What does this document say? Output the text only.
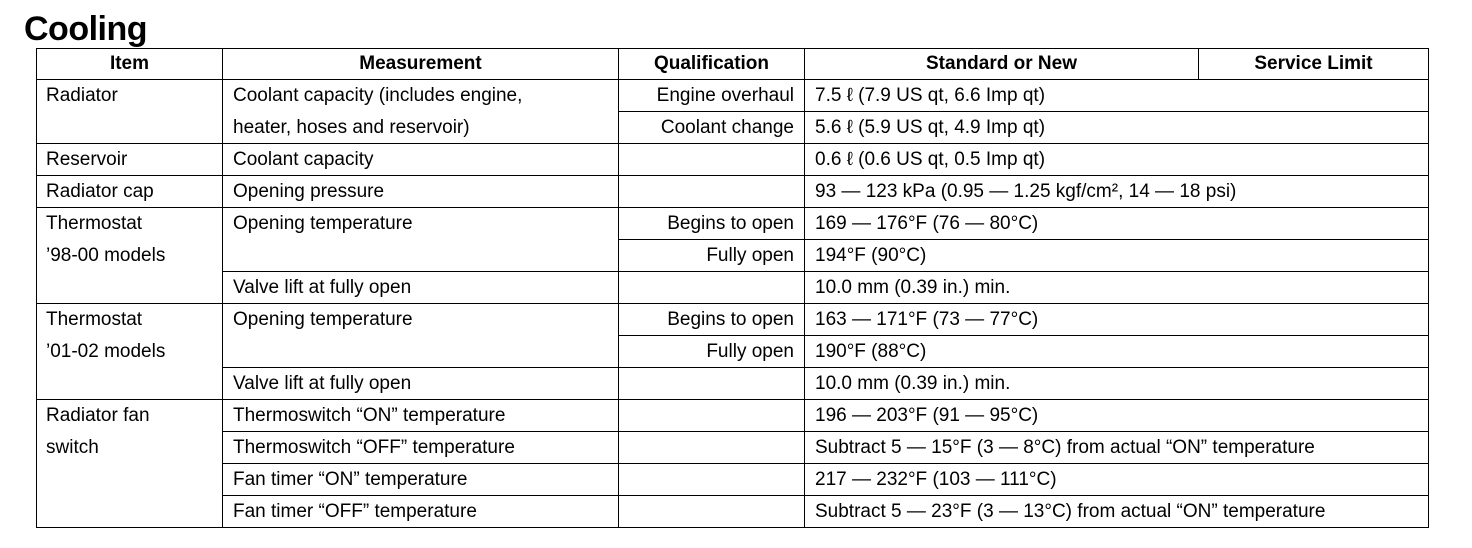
Cooling
Item	Measurement	Qualification	Standard or New	Service Limit
Radiator	Coolant capacity (includes engine,	Engine overhaul	7.5 ℓ (7.9 US qt, 6.6 Imp qt)	
	heater, hoses and reservoir)	Coolant change	5.6 ℓ (5.9 US qt, 4.9 Imp qt)	
Reservoir	Coolant capacity		0.6 ℓ (0.6 US qt, 0.5 Imp qt)	
Radiator cap	Opening pressure		93 — 123 kPa (0.95 — 1.25 kgf/cm², 14 — 18 psi)	
Thermostat	Opening temperature	Begins to open	169 — 176°F (76 — 80°C)	
’98-00 models		Fully open	194°F (90°C)	
	Valve lift at fully open		10.0 mm (0.39 in.) min.	
Thermostat	Opening temperature	Begins to open	163 — 171°F (73 — 77°C)	
’01-02 models		Fully open	190°F (88°C)	
	Valve lift at fully open		10.0 mm (0.39 in.) min.	
Radiator fan	Thermoswitch “ON” temperature		196 — 203°F (91 — 95°C)	
switch	Thermoswitch “OFF” temperature		Subtract 5 — 15°F (3 — 8°C) from actual “ON” temperature	
	Fan timer “ON” temperature		217 — 232°F (103 — 111°C)	
	Fan timer “OFF” temperature		Subtract 5 — 23°F (3 — 13°C) from actual “ON” temperature	
